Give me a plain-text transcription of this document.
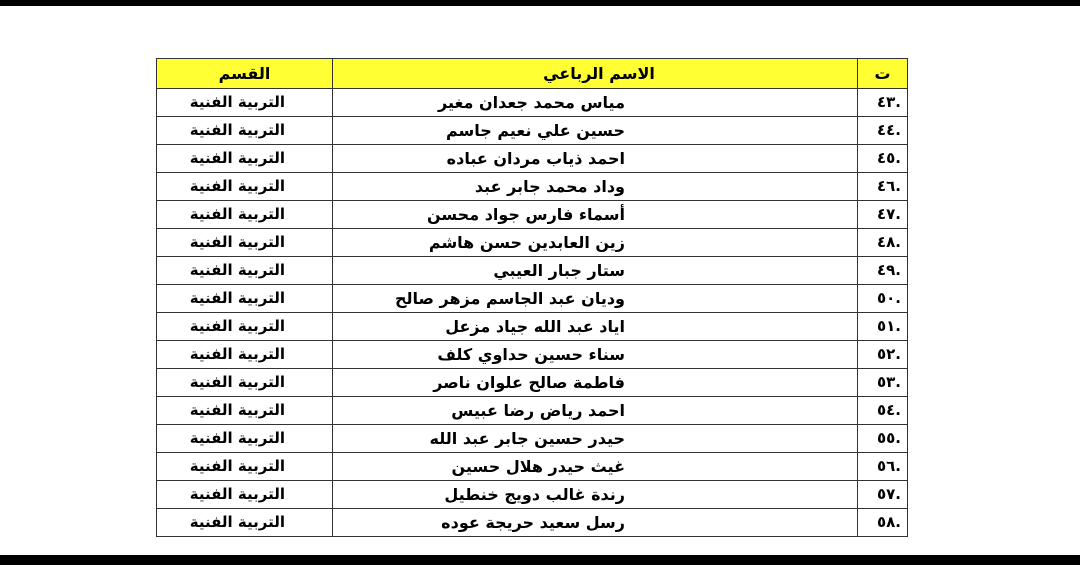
ت	الاسم الرباعي	القسم
.٤٣	مياس محمد جعدان مغير	التربية الفنية
.٤٤	حسين علي نعيم جاسم	التربية الفنية
.٤٥	احمد ذياب مردان عباده	التربية الفنية
.٤٦	وداد محمد جابر عبد	التربية الفنية
.٤٧	أسماء فارس جواد محسن	التربية الفنية
.٤٨	زين العابدين حسن هاشم	التربية الفنية
.٤٩	ستار جبار العيبي	التربية الفنية
.٥٠	وديان عبد الجاسم مزهر صالح	التربية الفنية
.٥١	اياد عبد الله جياد مزعل	التربية الفنية
.٥٢	سناء حسين حداوي كلف	التربية الفنية
.٥٣	فاطمة صالح علوان ناصر	التربية الفنية
.٥٤	احمد رياض رضا عبيس	التربية الفنية
.٥٥	حيدر حسين جابر عبد الله	التربية الفنية
.٥٦	غيث حيدر هلال حسين	التربية الفنية
.٥٧	رندة غالب دويج خنطيل	التربية الفنية
.٥٨	رسل سعيد حريجة عوده	التربية الفنية
